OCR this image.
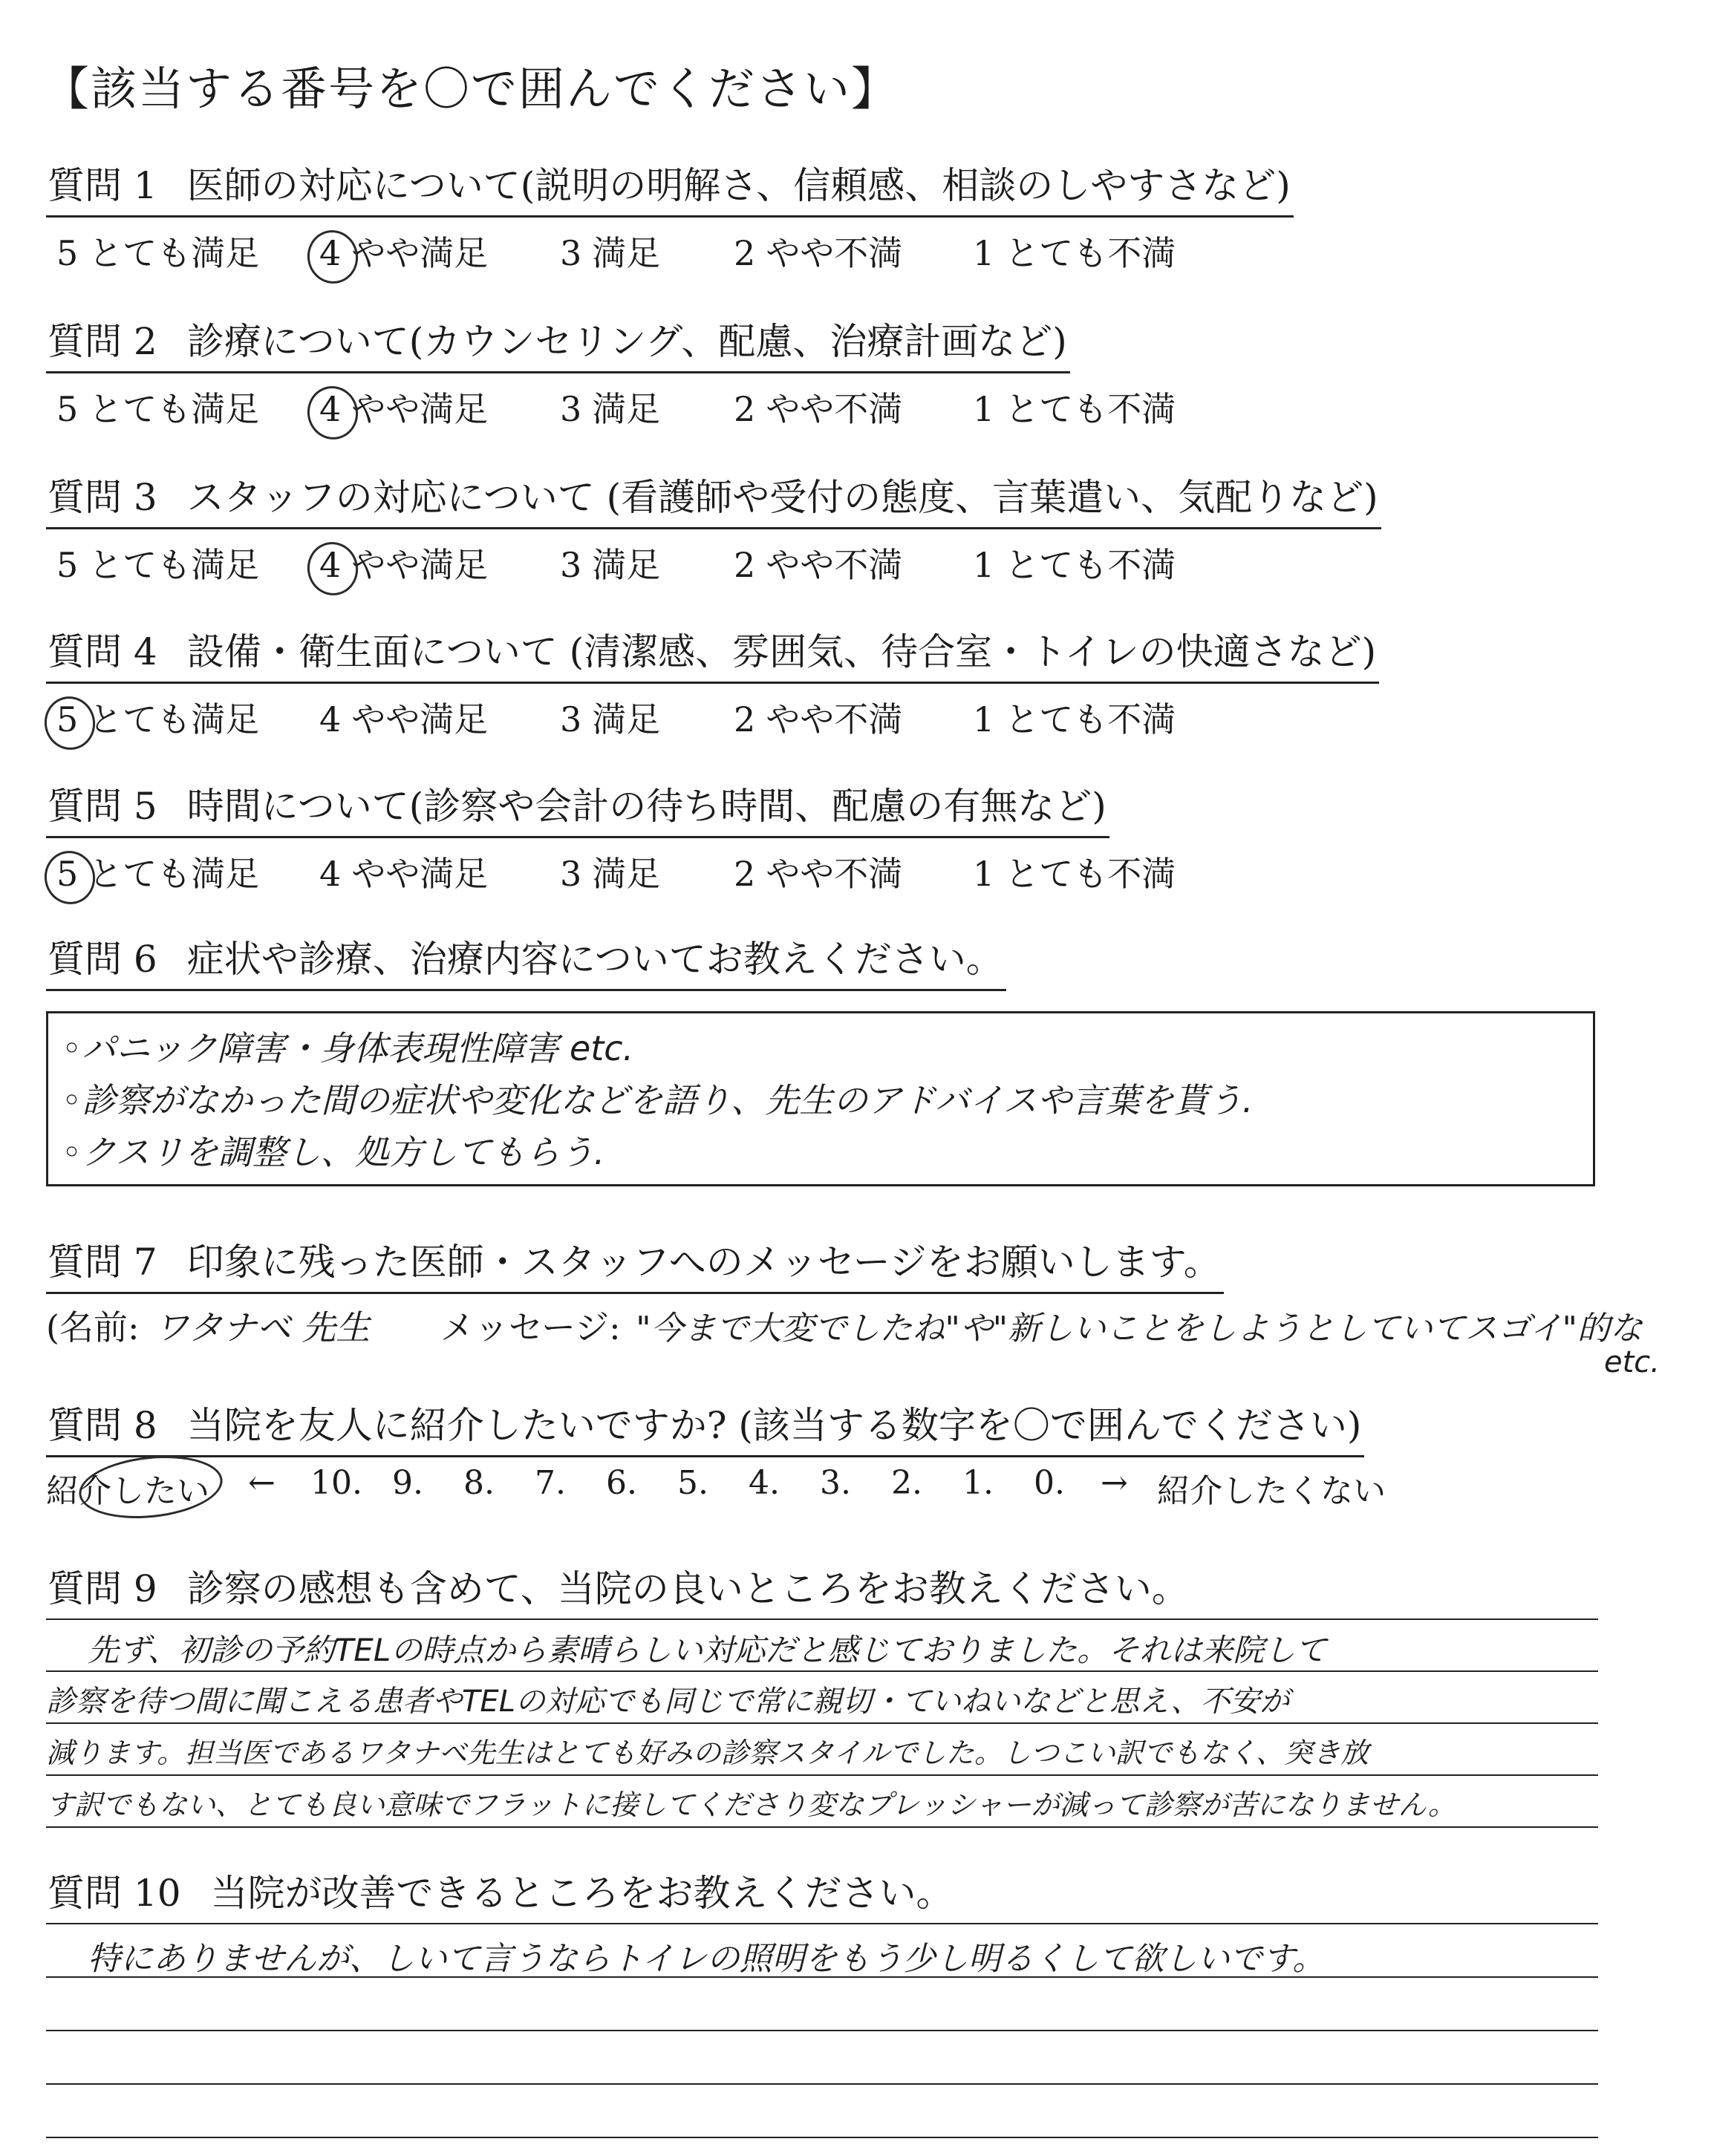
【該当する番号を〇で囲んでください】
質問 1 医師の対応について(説明の明解さ、信頼感、相談のしやすさなど)
5 とても満足 4 やや満足 3 満足 2 やや不満 1 とても不満
質問 2 診療について(カウンセリング、配慮、治療計画など)
5 とても満足 4 やや満足 3 満足 2 やや不満 1 とても不満
質問 3 スタッフの対応について (看護師や受付の態度、言葉遣い、気配りなど)
5 とても満足 4 やや満足 3 満足 2 やや不満 1 とても不満
質問 4 設備・衛生面について (清潔感、雰囲気、待合室・トイレの快適さなど)
5 とても満足 4 やや満足 3 満足 2 やや不満 1 とても不満
質問 5 時間について(診察や会計の待ち時間、配慮の有無など)
5 とても満足 4 やや満足 3 満足 2 やや不満 1 とても不満
質問 6 症状や診療、治療内容についてお教えください。
◦パニック障害・身体表現性障害 etc.
◦診察がなかった間の症状や変化などを語り、先生のアドバイスや言葉を貰う.
◦クスリを調整し、処方してもらう.
質問 7 印象に残った医師・スタッフへのメッセージをお願いします。
(名前: ワタナベ 先生 メッセージ: "今まで大変でしたね"や"新しいことをしようとしていてスゴイ"的な
etc.
質問 8 当院を友人に紹介したいですか? (該当する数字を〇で囲んでください)
紹介したい ← 10. 9. 8. 7. 6. 5. 4. 3. 2. 1. 0. → 紹介したくない
質問 9 診察の感想も含めて、当院の良いところをお教えください。
先ず、初診の予約TELの時点から素晴らしい対応だと感じておりました。それは来院して
診察を待つ間に聞こえる患者やTELの対応でも同じで常に親切・ていねいなどと思え、不安が
減ります。担当医であるワタナベ先生はとても好みの診察スタイルでした。しつこい訳でもなく、突き放
す訳でもない、とても良い意味でフラットに接してくださり変なプレッシャーが減って診察が苦になりません。
質問 10 当院が改善できるところをお教えください。
特にありませんが、しいて言うならトイレの照明をもう少し明るくして欲しいです。
